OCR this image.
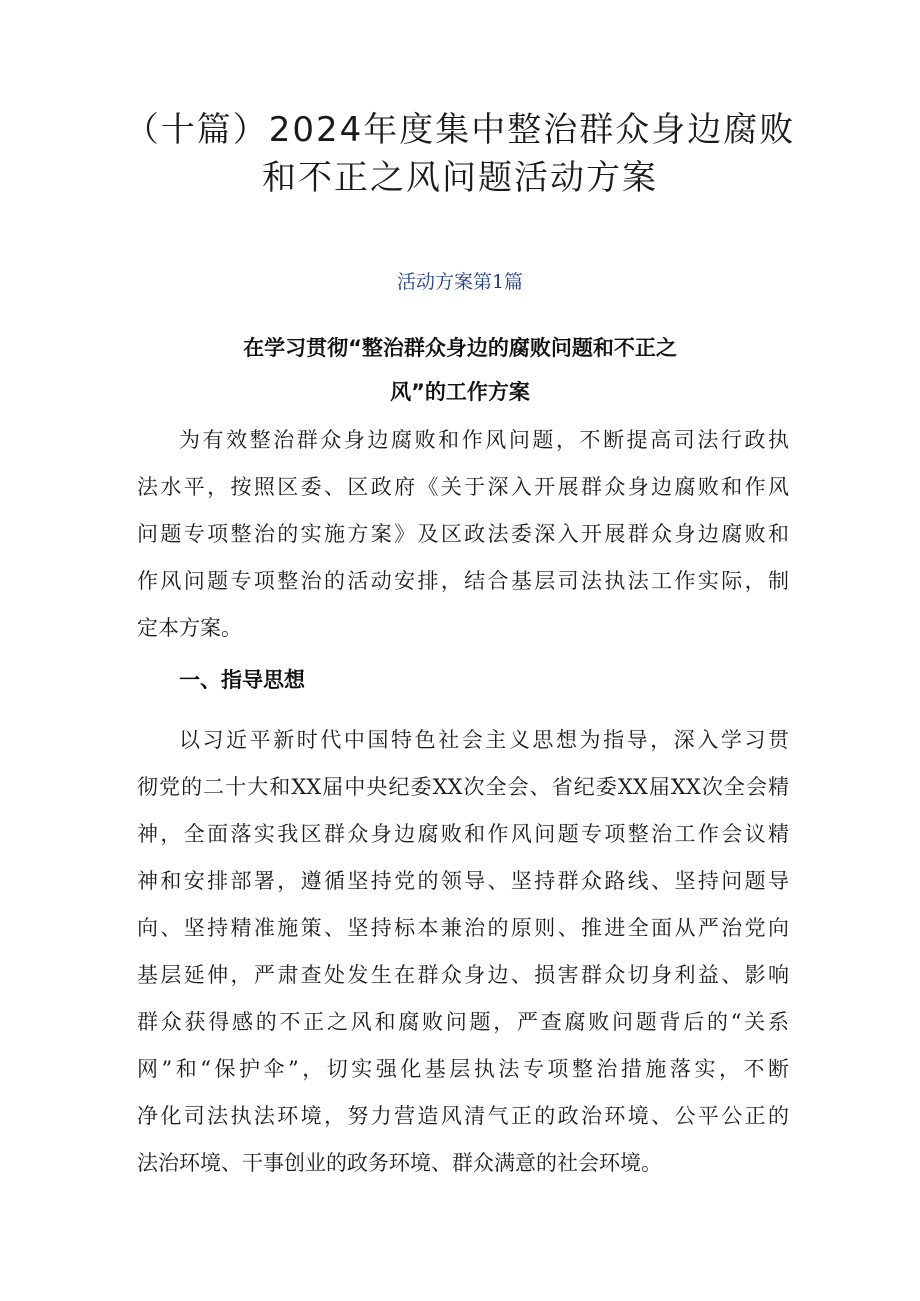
（十篇）2024年度集中整治群众身边腐败
和不正之风问题活动方案

活动方案第1篇

在学习贯彻“整治群众身边的腐败问题和不正之
风”的工作方案
为有效整治群众身边腐败和作风问题，不断提高司法行政执
法水平，按照区委、区政府《关于深入开展群众身边腐败和作风
问题专项整治的实施方案》及区政法委深入开展群众身边腐败和
作风问题专项整治的活动安排，结合基层司法执法工作实际，制
定本方案。
一、指导思想
以习近平新时代中国特色社会主义思想为指导，深入学习贯
彻党的二十大和XX届中央纪委XX次全会、省纪委XX届XX次全会精
神，全面落实我区群众身边腐败和作风问题专项整治工作会议精
神和安排部署，遵循坚持党的领导、坚持群众路线、坚持问题导
向、坚持精准施策、坚持标本兼治的原则、推进全面从严治党向
基层延伸，严肃查处发生在群众身边、损害群众切身利益、影响
群众获得感的不正之风和腐败问题，严查腐败问题背后的“关系
网”和“保护伞”，切实强化基层执法专项整治措施落实，不断
净化司法执法环境，努力营造风清气正的政治环境、公平公正的
法治环境、干事创业的政务环境、群众满意的社会环境。
